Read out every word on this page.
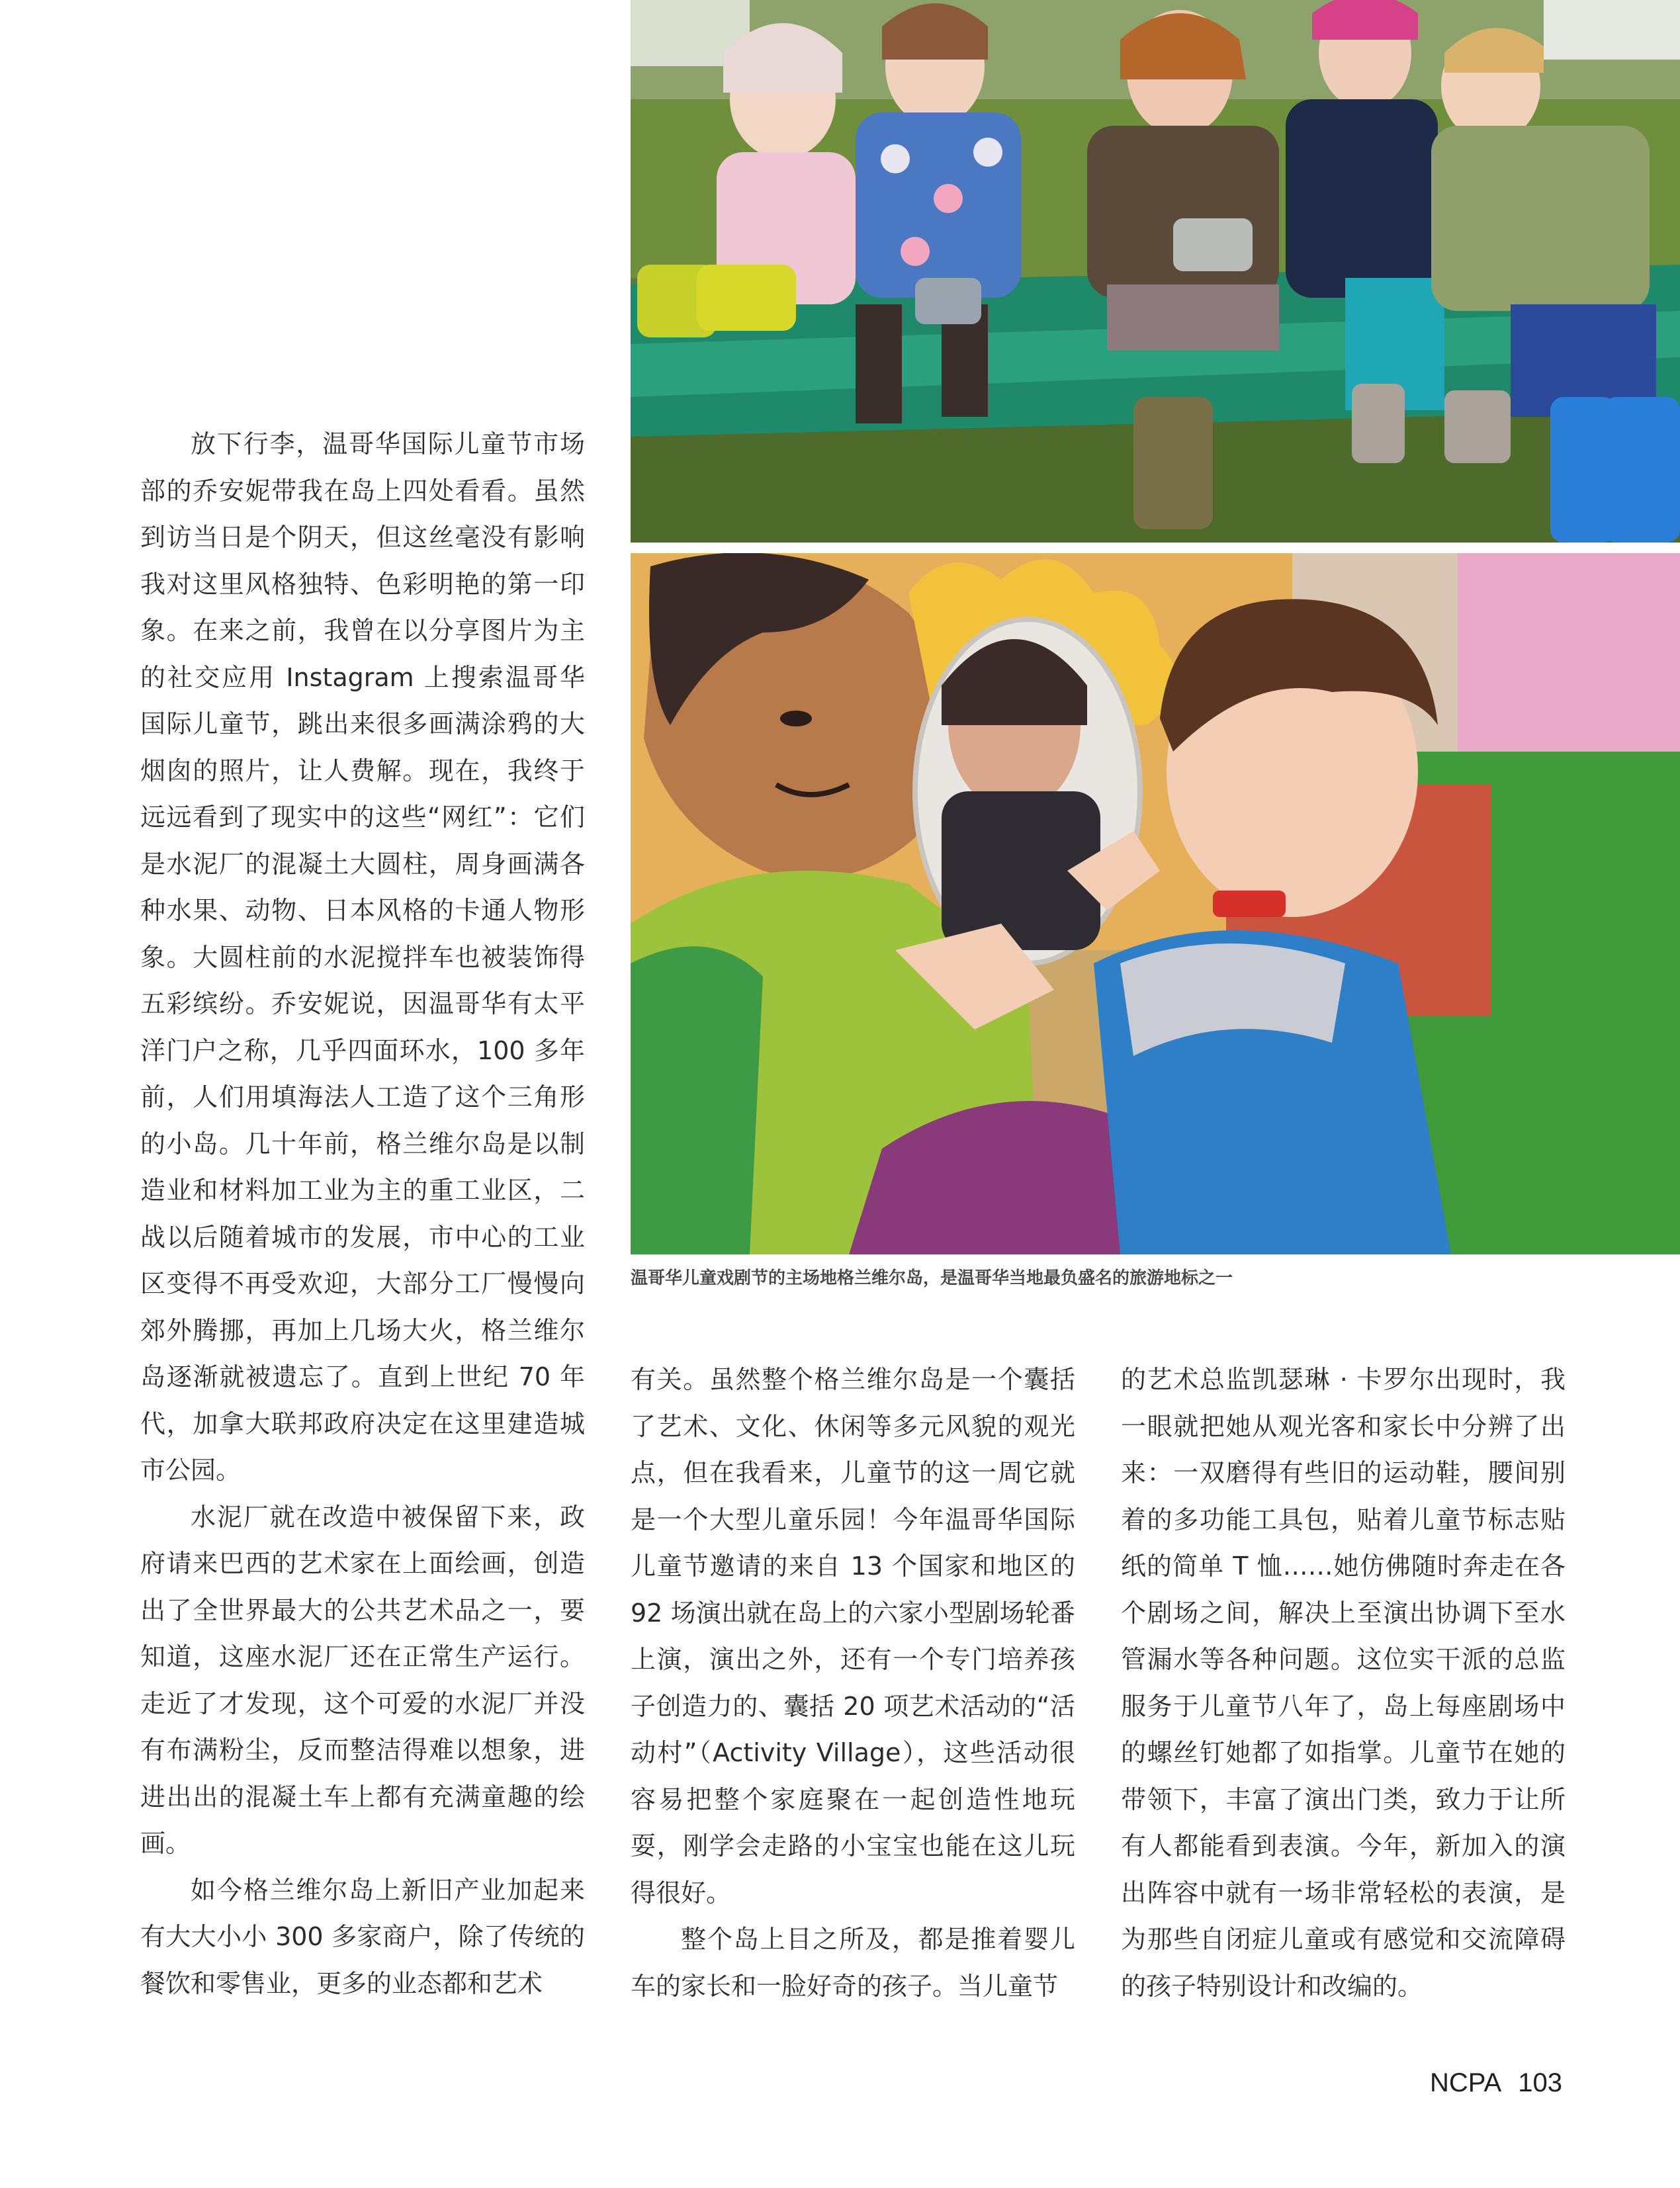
温哥华儿童戏剧节的主场地格兰维尔岛，是温哥华当地最负盛名的旅游地标之一

放下行李，温哥华国际儿童节市场部的乔安妮带我在岛上四处看看。虽然到访当日是个阴天，但这丝毫没有影响我对这里风格独特、色彩明艳的第一印象。在来之前，我曾在以分享图片为主的社交应用 Instagram 上搜索温哥华国际儿童节，跳出来很多画满涂鸦的大烟囱的照片，让人费解。现在，我终于远远看到了现实中的这些“网红”：它们是水泥厂的混凝土大圆柱，周身画满各种水果、动物、日本风格的卡通人物形象。大圆柱前的水泥搅拌车也被装饰得五彩缤纷。乔安妮说，因温哥华有太平洋门户之称，几乎四面环水，100 多年前，人们用填海法人工造了这个三角形的小岛。几十年前，格兰维尔岛是以制造业和材料加工业为主的重工业区，二战以后随着城市的发展，市中心的工业区变得不再受欢迎，大部分工厂慢慢向郊外腾挪，再加上几场大火，格兰维尔岛逐渐就被遗忘了。直到上世纪 70 年代，加拿大联邦政府决定在这里建造城市公园。

水泥厂就在改造中被保留下来，政府请来巴西的艺术家在上面绘画，创造出了全世界最大的公共艺术品之一，要知道，这座水泥厂还在正常生产运行。走近了才发现，这个可爱的水泥厂并没有布满粉尘，反而整洁得难以想象，进进出出的混凝土车上都有充满童趣的绘画。

如今格兰维尔岛上新旧产业加起来有大大小小 300 多家商户，除了传统的餐饮和零售业，更多的业态都和艺术

有关。虽然整个格兰维尔岛是一个囊括了艺术、文化、休闲等多元风貌的观光点，但在我看来，儿童节的这一周它就是一个大型儿童乐园！今年温哥华国际儿童节邀请的来自 13 个国家和地区的 92 场演出就在岛上的六家小型剧场轮番上演，演出之外，还有一个专门培养孩子创造力的、囊括 20 项艺术活动的“活动村”（Activity Village），这些活动很容易把整个家庭聚在一起创造性地玩耍，刚学会走路的小宝宝也能在这儿玩得很好。

整个岛上目之所及，都是推着婴儿车的家长和一脸好奇的孩子。当儿童节

的艺术总监凯瑟琳 · 卡罗尔出现时，我一眼就把她从观光客和家长中分辨了出来：一双磨得有些旧的运动鞋，腰间别着的多功能工具包，贴着儿童节标志贴纸的简单 T 恤……她仿佛随时奔走在各个剧场之间，解决上至演出协调下至水管漏水等各种问题。这位实干派的总监服务于儿童节八年了，岛上每座剧场中的螺丝钉她都了如指掌。儿童节在她的带领下，丰富了演出门类，致力于让所有人都能看到表演。今年，新加入的演出阵容中就有一场非常轻松的表演，是为那些自闭症儿童或有感觉和交流障碍的孩子特别设计和改编的。

NCPA 103
